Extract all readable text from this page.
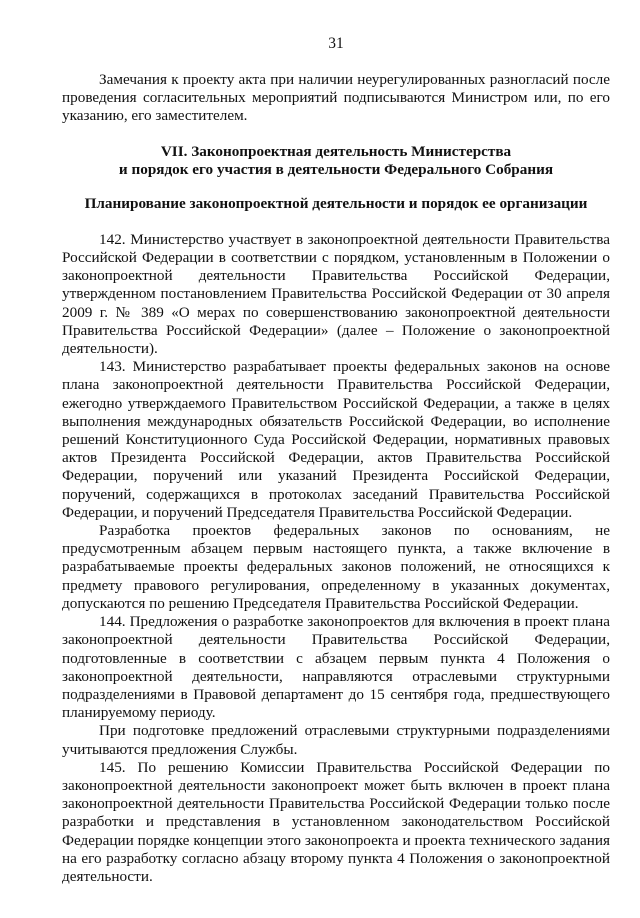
31

Замечания к проекту акта при наличии неурегулированных разногласий после проведения согласительных мероприятий подписываются Министром или, по его указанию, его заместителем.

VII. Законопроектная деятельность Министерства
и порядок его участия в деятельности Федерального Собрания
Планирование законопроектной деятельности и порядок ее организации

142. Министерство участвует в законопроектной деятельности Правительства Российской Федерации в соответствии с порядком, установленным в Положении о законопроектной деятельности Правительства Российской Федерации, утвержденном постановлением Правительства Российской Федерации от 30 апреля 2009 г. № 389 «О мерах по совершенствованию законопроектной деятельности Правительства Российской Федерации» (далее – Положение о законопроектной деятельности).

143. Министерство разрабатывает проекты федеральных законов на основе плана законопроектной деятельности Правительства Российской Федерации, ежегодно утверждаемого Правительством Российской Федерации, а также в целях выполнения международных обязательств Российской Федерации, во исполнение решений Конституционного Суда Российской Федерации, нормативных правовых актов Президента Российской Федерации, актов Правительства Российской Федерации, поручений или указаний Президента Российской Федерации, поручений, содержащихся в протоколах заседаний Правительства Российской Федерации, и поручений Председателя Правительства Российской Федерации.

Разработка проектов федеральных законов по основаниям, не предусмотренным абзацем первым настоящего пункта, а также включение в разрабатываемые проекты федеральных законов положений, не относящихся к предмету правового регулирования, определенному в указанных документах, допускаются по решению Председателя Правительства Российской Федерации.

144. Предложения о разработке законопроектов для включения в проект плана законопроектной деятельности Правительства Российской Федерации, подготовленные в соответствии с абзацем первым пункта 4 Положения о законопроектной деятельности, направляются отраслевыми структурными подразделениями в Правовой департамент до 15 сентября года, предшествующего планируемому периоду.

При подготовке предложений отраслевыми структурными подразделениями учитываются предложения Службы.

145. По решению Комиссии Правительства Российской Федерации по законопроектной деятельности законопроект может быть включен в проект плана законопроектной деятельности Правительства Российской Федерации только после разработки и представления в установленном законодательством Российской Федерации порядке концепции этого законопроекта и проекта технического задания на его разработку согласно абзацу второму пункта 4 Положения о законопроектной деятельности.
